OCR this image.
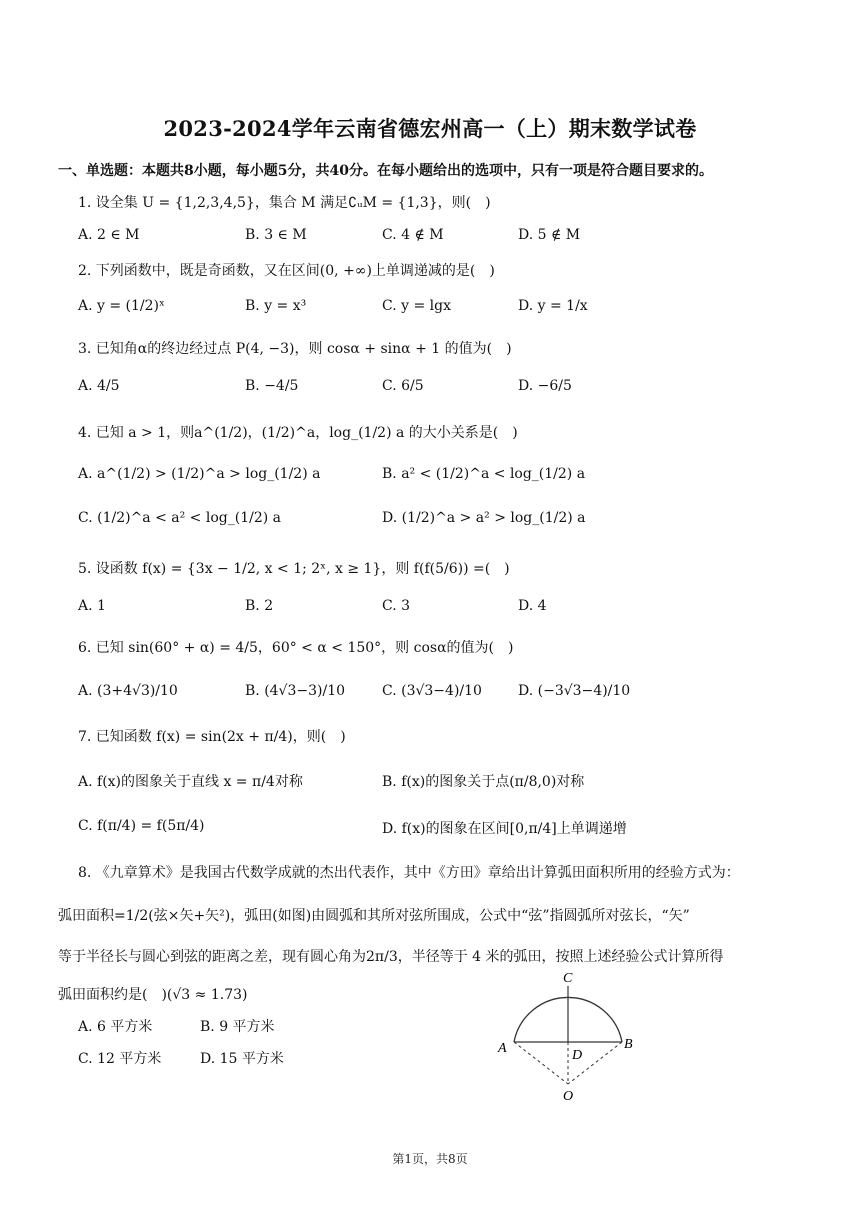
2023-2024学年云南省德宏州高一（上）期末数学试卷
一、单选题：本题共8小题，每小题5分，共40分。在每小题给出的选项中，只有一项是符合题目要求的。
1. 设全集 U = {1,2,3,4,5}，集合 M 满足∁ᵤM = {1,3}，则(　)
A. 2 ∈ M	B. 3 ∈ M	C. 4 ∉ M	D. 5 ∉ M
2. 下列函数中，既是奇函数，又在区间(0, +∞)上单调递减的是(　)
A. y = (1/2)ˣ	B. y = x³	C. y = lgx	D. y = 1/x
3. 已知角α的终边经过点 P(4, −3)，则 cosα + sinα + 1 的值为(　)
A. 4/5	B. −4/5	C. 6/5	D. −6/5
4. 已知 a > 1，则a^(1/2)，(1/2)^a，log_(1/2) a 的大小关系是(　)
A. a^(1/2) > (1/2)^a > log_(1/2) a	B. a² < (1/2)^a < log_(1/2) a
C. (1/2)^a < a² < log_(1/2) a	D. (1/2)^a > a² > log_(1/2) a
5. 设函数 f(x) = {3x − 1/2, x < 1; 2ˣ, x ≥ 1}，则 f(f(5/6)) =(　)
A. 1	B. 2	C. 3	D. 4
6. 已知 sin(60° + α) = 4/5，60° < α < 150°，则 cosα的值为(　)
A. (3+4√3)/10	B. (4√3−3)/10	C. (3√3−4)/10	D. (−3√3−4)/10
7. 已知函数 f(x) = sin(2x + π/4)，则(　)
A. f(x)的图象关于直线 x = π/4对称	B. f(x)的图象关于点(π/8,0)对称
C. f(π/4) = f(5π/4)	D. f(x)的图象在区间[0,π/4]上单调递增
8. 《九章算术》是我国古代数学成就的杰出代表作，其中《方田》章给出计算弧田面积所用的经验方式为：
弧田面积=1/2(弦×矢+矢²)，弧田(如图)由圆弧和其所对弦所围成，公式中“弦”指圆弧所对弦长，“矢”
等于半径长与圆心到弦的距离之差，现有圆心角为2π/3，半径等于 4 米的弧田，按照上述经验公式计算所得
弧田面积约是(　)(√3 ≈ 1.73)
A. 6 平方米	B. 9 平方米
C. 12 平方米	D. 15 平方米
C
A	D
B
O
第1页，共8页
